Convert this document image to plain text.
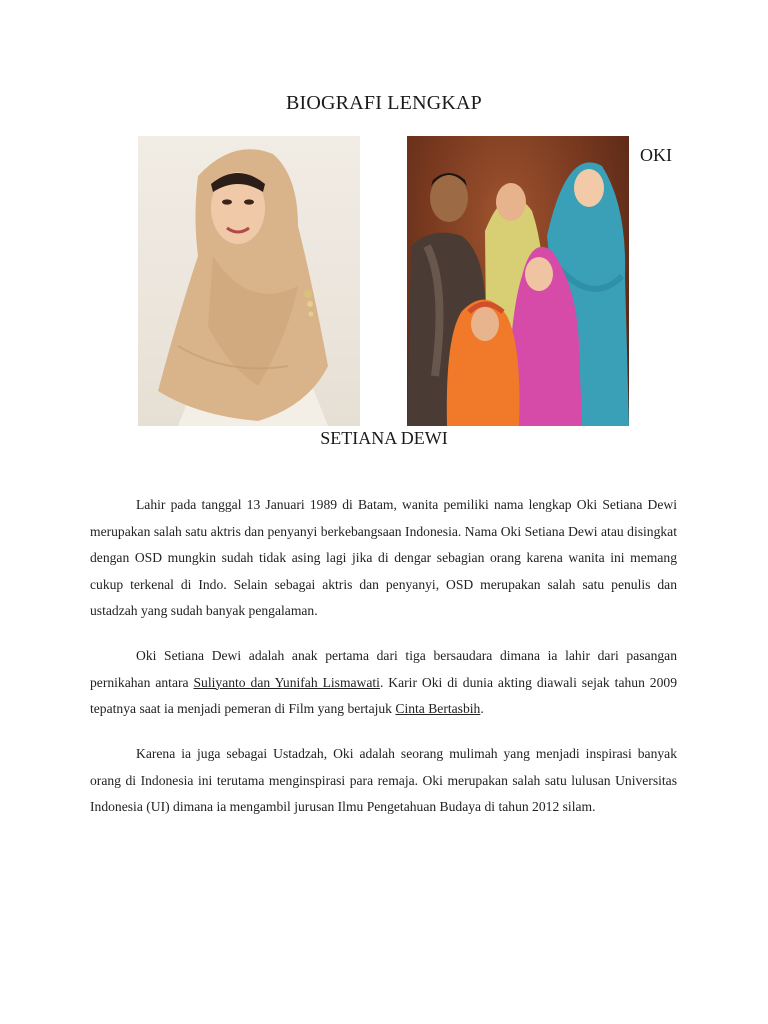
BIOGRAFI LENGKAP
OKI
SETIANA DEWI

Lahir pada tanggal 13 Januari 1989 di Batam, wanita pemiliki nama lengkap Oki Setiana Dewi merupakan salah satu aktris dan penyanyi berkebangsaan Indonesia. Nama Oki Setiana Dewi atau disingkat dengan OSD mungkin sudah tidak asing lagi jika di dengar sebagian orang karena wanita ini memang cukup terkenal di Indo. Selain sebagai aktris dan penyanyi, OSD merupakan salah satu penulis dan ustadzah yang sudah banyak pengalaman.

Oki Setiana Dewi adalah anak pertama dari tiga bersaudara dimana ia lahir dari pasangan pernikahan antara Suliyanto dan Yunifah Lismawati. Karir Oki di dunia akting diawali sejak tahun 2009 tepatnya saat ia menjadi pemeran di Film yang bertajuk Cinta Bertasbih.

Karena ia juga sebagai Ustadzah, Oki adalah seorang mulimah yang menjadi inspirasi banyak orang di Indonesia ini terutama menginspirasi para remaja. Oki merupakan salah satu lulusan Universitas Indonesia (UI) dimana ia mengambil jurusan Ilmu Pengetahuan Budaya di tahun 2012 silam.
